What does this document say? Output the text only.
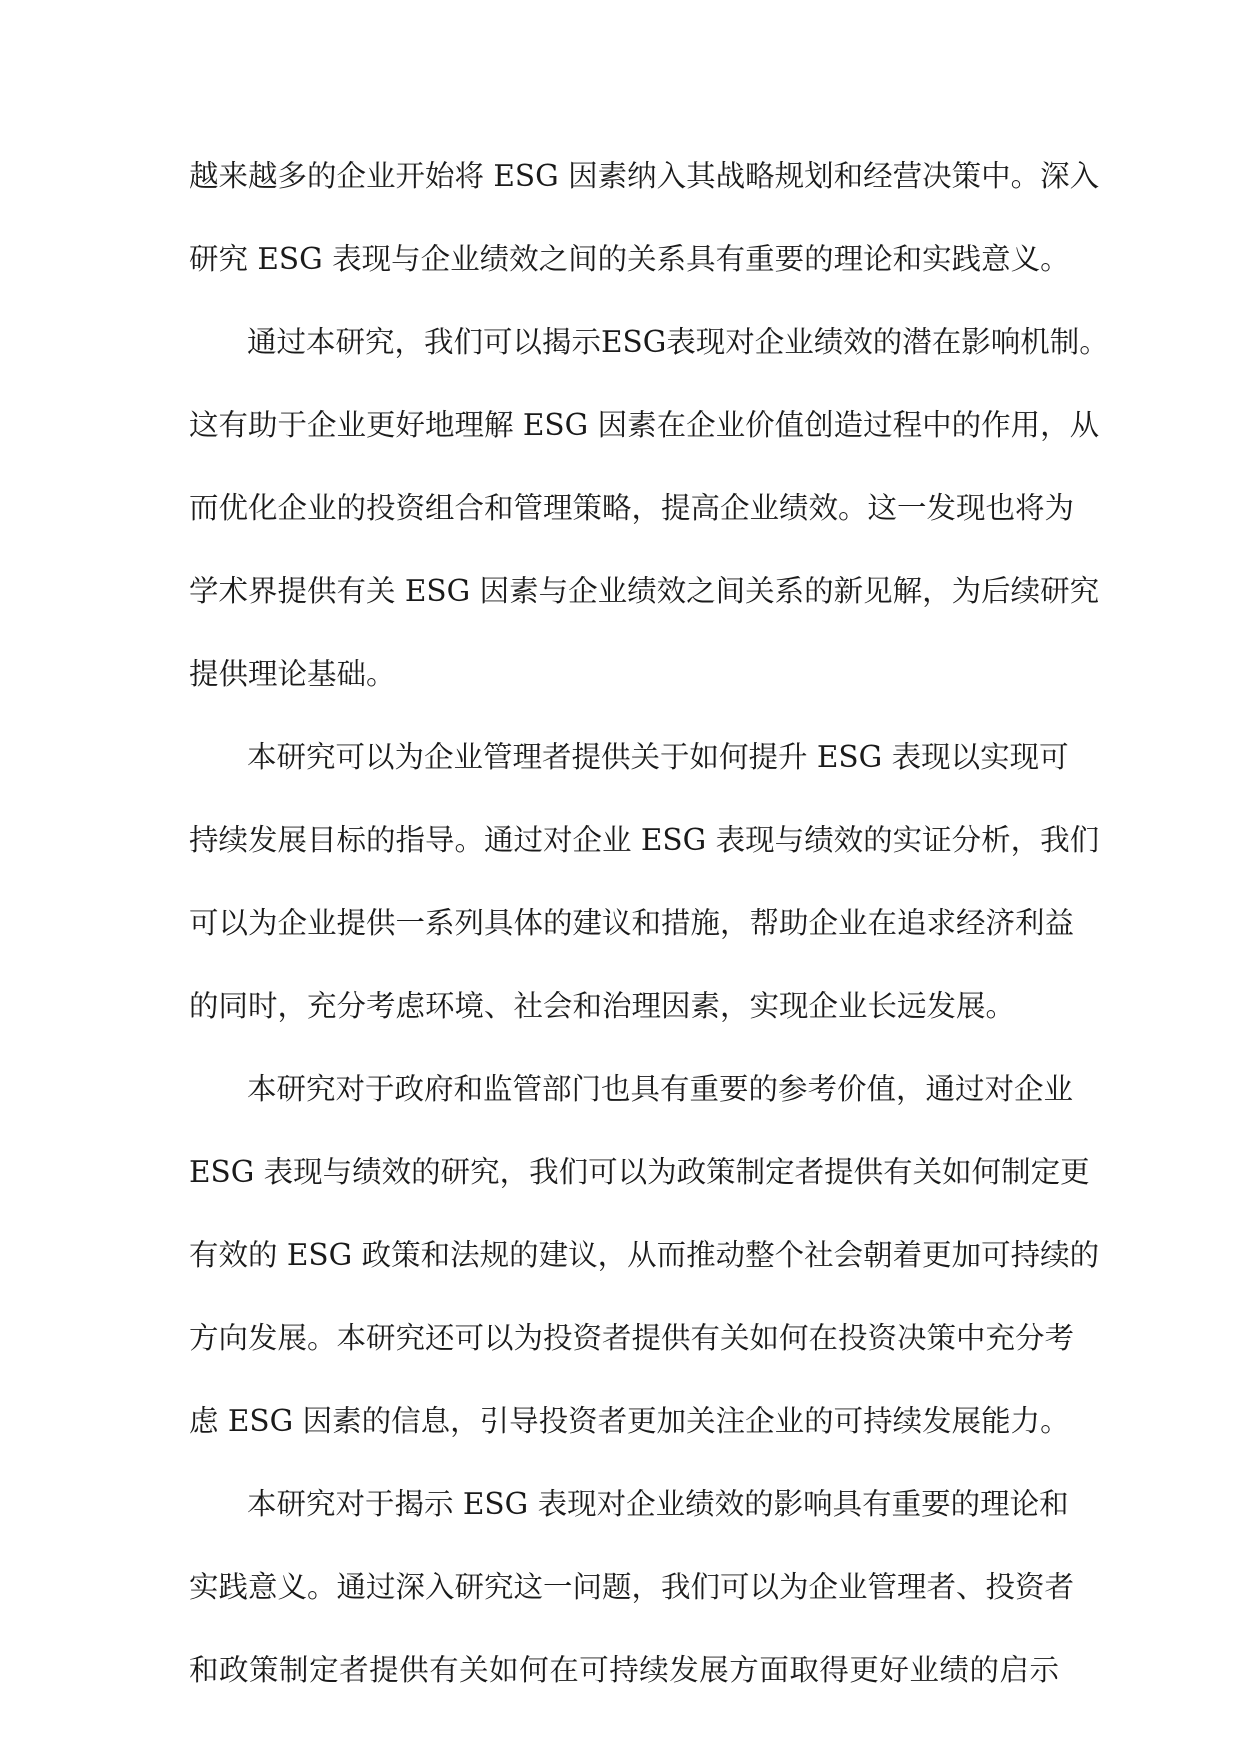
越来越多的企业开始将 ESG 因素纳入其战略规划和经营决策中。深入
研究 ESG 表现与企业绩效之间的关系具有重要的理论和实践意义。
通过本研究，我们可以揭示ESG表现对企业绩效的潜在影响机制。
这有助于企业更好地理解 ESG 因素在企业价值创造过程中的作用，从
而优化企业的投资组合和管理策略，提高企业绩效。这一发现也将为
学术界提供有关 ESG 因素与企业绩效之间关系的新见解，为后续研究
提供理论基础。
本研究可以为企业管理者提供关于如何提升 ESG 表现以实现可
持续发展目标的指导。通过对企业 ESG 表现与绩效的实证分析，我们
可以为企业提供一系列具体的建议和措施，帮助企业在追求经济利益
的同时，充分考虑环境、社会和治理因素，实现企业长远发展。
本研究对于政府和监管部门也具有重要的参考价值，通过对企业
ESG 表现与绩效的研究，我们可以为政策制定者提供有关如何制定更
有效的 ESG 政策和法规的建议，从而推动整个社会朝着更加可持续的
方向发展。本研究还可以为投资者提供有关如何在投资决策中充分考
虑 ESG 因素的信息，引导投资者更加关注企业的可持续发展能力。
本研究对于揭示 ESG 表现对企业绩效的影响具有重要的理论和
实践意义。通过深入研究这一问题，我们可以为企业管理者、投资者
和政策制定者提供有关如何在可持续发展方面取得更好业绩的启示
